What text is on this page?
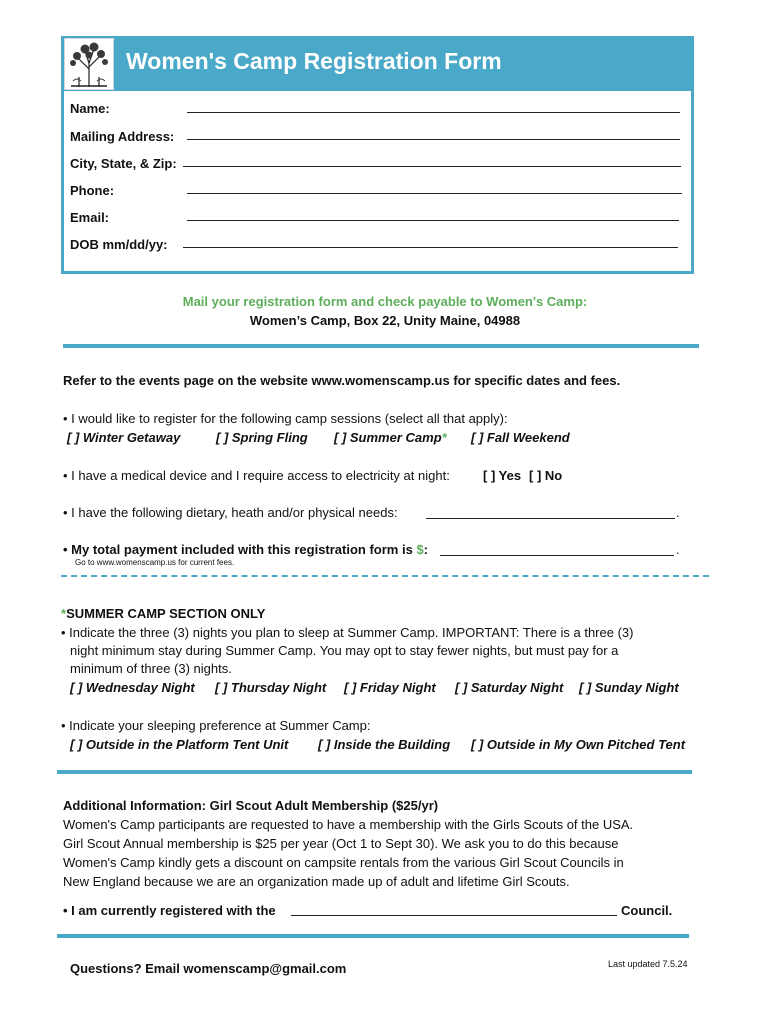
Women's Camp Registration Form
Name:
Mailing Address:
City, State, & Zip:
Phone:
Email:
DOB mm/dd/yy:
Mail your registration form and check payable to Women's Camp:
Women’s Camp, Box 22, Unity Maine, 04988
Refer to the events page on the website www.womenscamp.us for specific dates and fees.
• I would like to register for the following camp sessions (select all that apply):
[ ] Winter Getaway	[ ] Spring Fling [ ] Summer Camp* [ ] Fall Weekend
• I have a medical device and I require access to electricity at night:	[ ] Yes [ ] No
• I have the following dietary, heath and/or physical needs:	.
• My total payment included with this registration form is $:	.
Go to www.womenscamp.us for current fees.
*SUMMER CAMP SECTION ONLY
• Indicate the three (3) nights you plan to sleep at Summer Camp. IMPORTANT: There is a three (3)
night minimum stay during Summer Camp. You may opt to stay fewer nights, but must pay for a
minimum of three (3) nights.
[ ] Wednesday Night [ ] Thursday Night [ ] Friday Night [ ] Saturday Night [ ] Sunday Night
• Indicate your sleeping preference at Summer Camp:
[ ] Outside in the Platform Tent Unit [ ] Inside the Building [ ] Outside in My Own Pitched Tent
Additional Information: Girl Scout Adult Membership ($25/yr)
Women's Camp participants are requested to have a membership with the Girls Scouts of the USA.
Girl Scout Annual membership is $25 per year (Oct 1 to Sept 30). We ask you to do this because
Women's Camp kindly gets a discount on campsite rentals from the various Girl Scout Councils in
New England because we are an organization made up of adult and lifetime Girl Scouts.
• I am currently registered with the	Council.
Questions? Email womenscamp@gmail.com	Last updated 7.5.24
